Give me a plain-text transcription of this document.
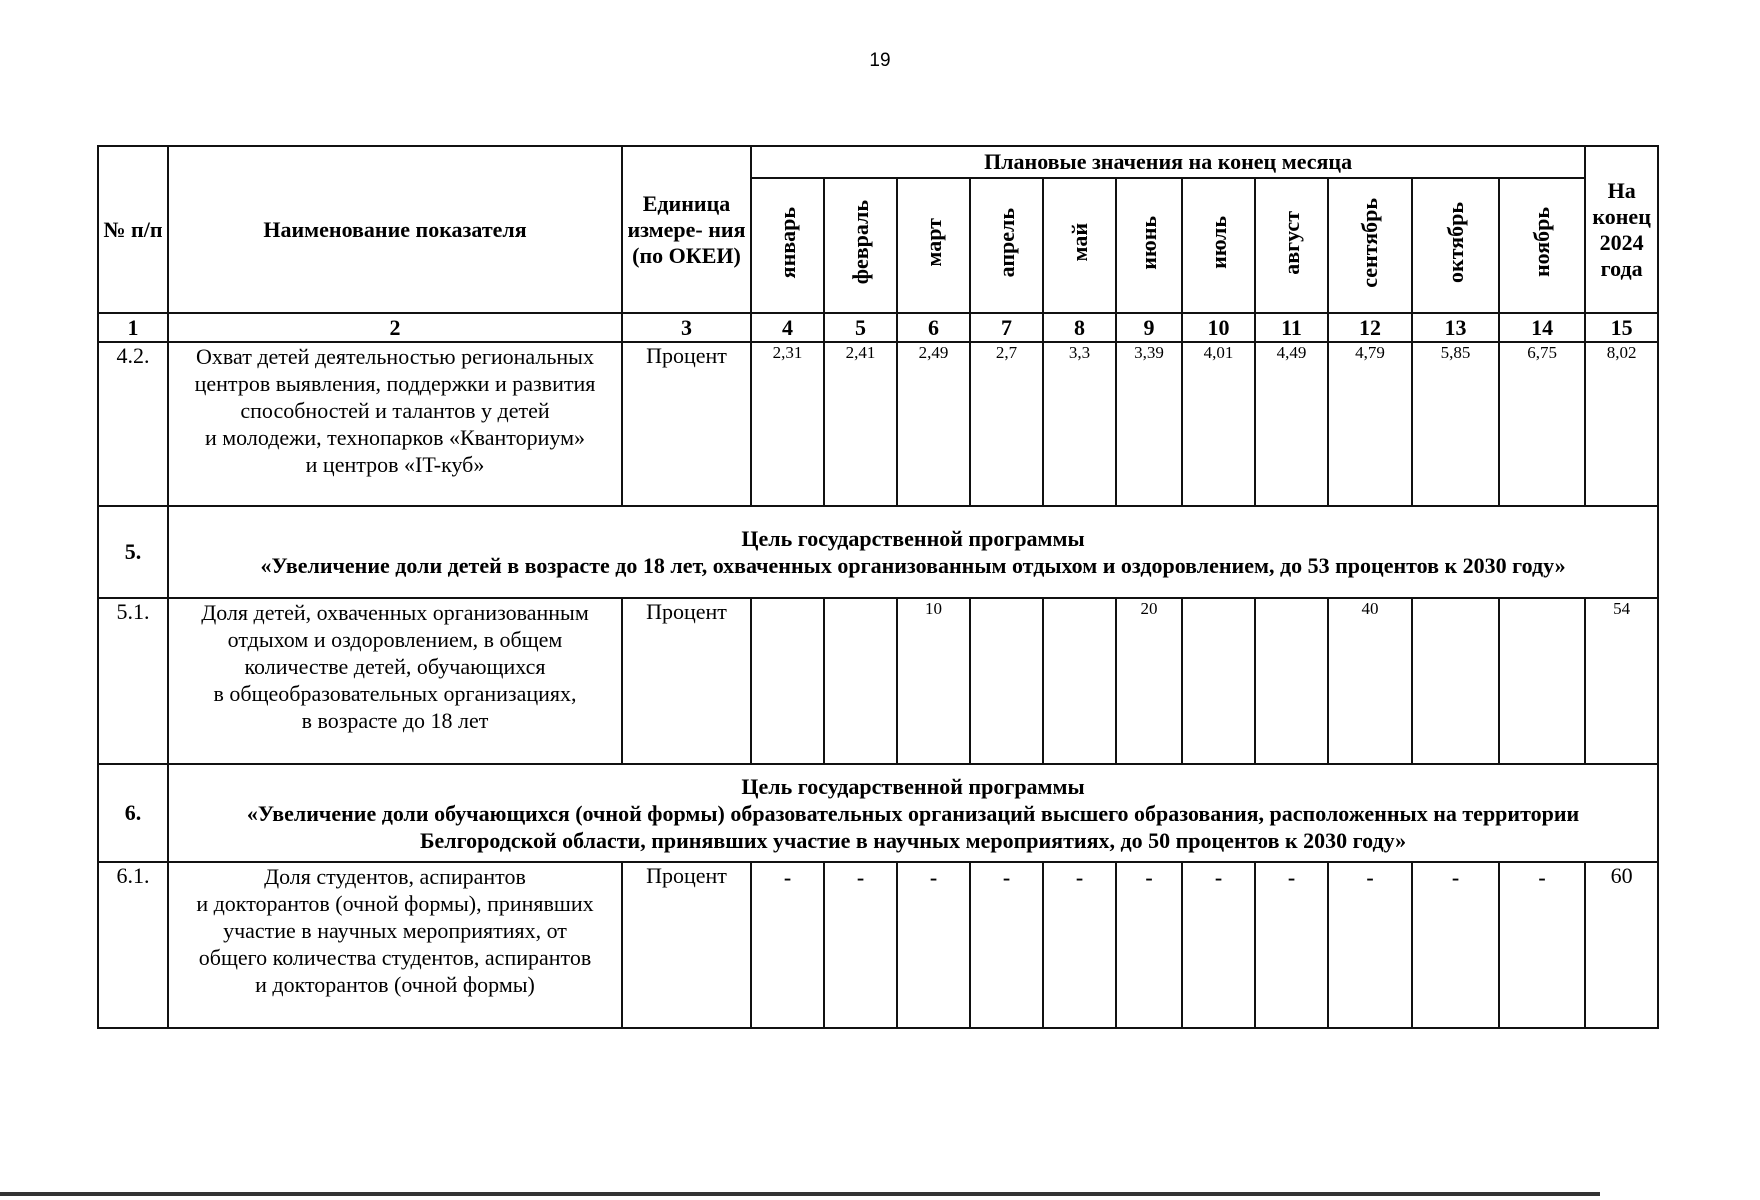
19
№ п/п	Наименование показателя	Единица измере- ния (по ОКЕИ)	Плановые значения на конец месяца											На конец 2024 года
			январь	февраль	март	апрель	май	июнь	июль	август	сентябрь	октябрь	ноябрь	
1	2	3	4	5	6	7	8	9	10	11	12	13	14	15
4.2.	Охват детей деятельностью региональных
центров выявления, поддержки и развития
способностей и талантов у детей
и молодежи, технопарков «Кванториум»
и центров «IT-куб»	Процент	2,31	2,41	2,49	2,7	3,3	3,39	4,01	4,49	4,79	5,85	6,75	8,02
5.	Цель государственной программы
«Увеличение доли детей в возрасте до 18 лет, охваченных организованным отдыхом и оздоровлением, до 53 процентов к 2030 году»													

5.1.	Доля детей, охваченных организованным
отдыхом и оздоровлением, в общем
количестве детей, обучающихся
в общеобразовательных организациях,
в возрасте до 18 лет	Процент			10			20			40			54
6.	Цель государственной программы
«Увеличение доли обучающихся (очной формы) образовательных организаций высшего образования, расположенных на территории
Белгородской области, принявших участие в научных мероприятиях, до 50 процентов к 2030 году»													

6.1.	Доля студентов, аспирантов
и докторантов (очной формы), принявших
участие в научных мероприятиях, от
общего количества студентов, аспирантов
и докторантов (очной формы)	Процент	-	-	-	-	-	-	-	-	-	-	-	60
